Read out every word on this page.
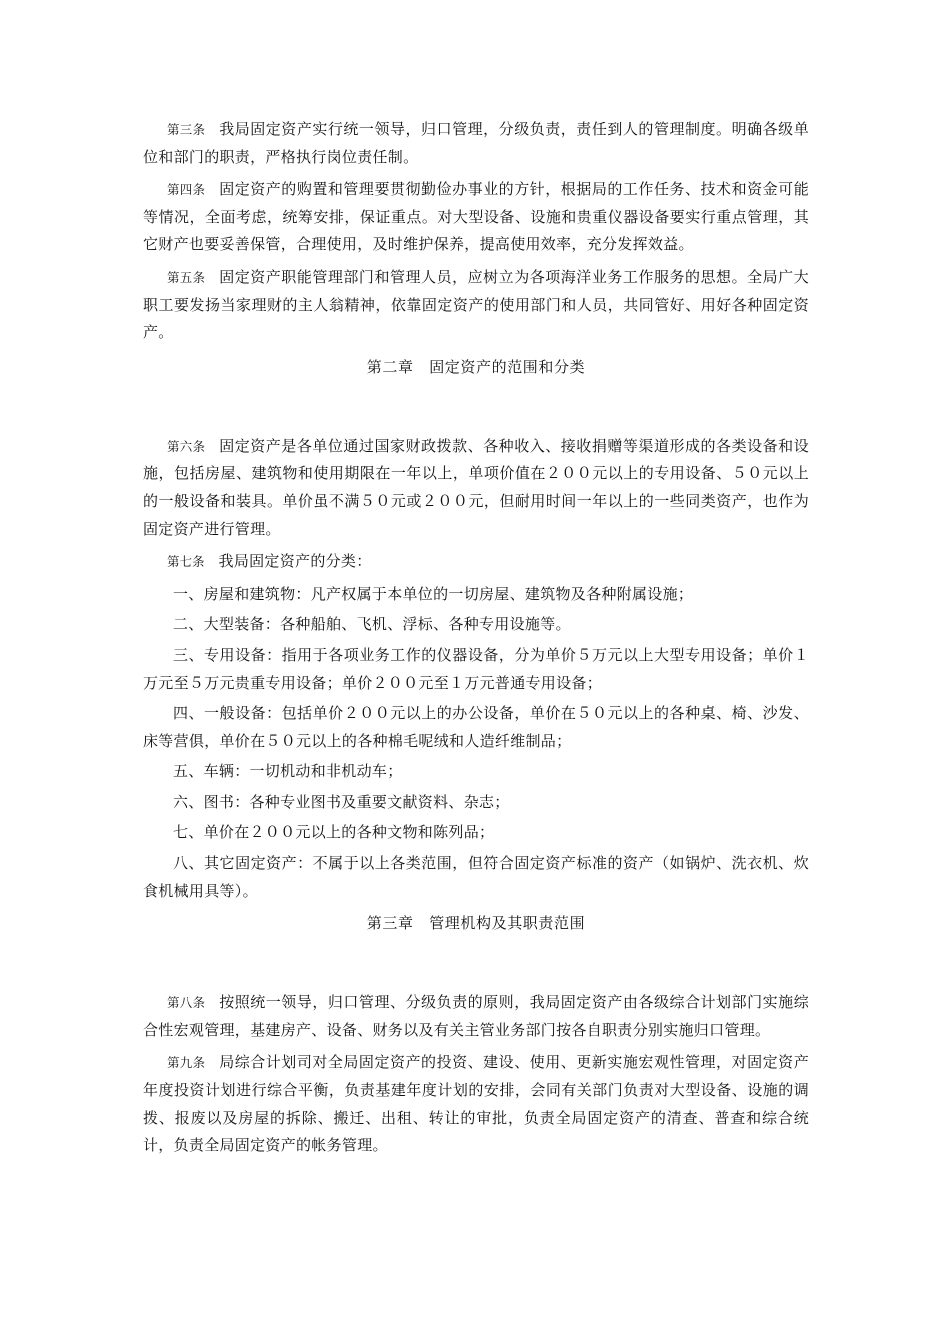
第三条 我局固定资产实行统一领导，归口管理，分级负责，责任到人的管理制度。明确各级单位和部门的职责，严格执行岗位责任制。

第四条 固定资产的购置和管理要贯彻勤俭办事业的方针，根据局的工作任务、技术和资金可能等情况，全面考虑，统筹安排，保证重点。对大型设备、设施和贵重仪器设备要实行重点管理，其它财产也要妥善保管，合理使用，及时维护保养，提高使用效率，充分发挥效益。

第五条 固定资产职能管理部门和管理人员，应树立为各项海洋业务工作服务的思想。全局广大职工要发扬当家理财的主人翁精神，依靠固定资产的使用部门和人员，共同管好、用好各种固定资产。

第二章　固定资产的范围和分类

第六条 固定资产是各单位通过国家财政拨款、各种收入、接收捐赠等渠道形成的各类设备和设施，包括房屋、建筑物和使用期限在一年以上，单项价值在２００元以上的专用设备、５０元以上的一般设备和装具。单价虽不满５０元或２００元，但耐用时间一年以上的一些同类资产，也作为固定资产进行管理。

第七条 我局固定资产的分类：

一、房屋和建筑物：凡产权属于本单位的一切房屋、建筑物及各种附属设施；

二、大型装备：各种船舶、飞机、浮标、各种专用设施等。

三、专用设备：指用于各项业务工作的仪器设备，分为单价５万元以上大型专用设备；单价１万元至５万元贵重专用设备；单价２００元至１万元普通专用设备；

四、一般设备：包括单价２００元以上的办公设备，单价在５０元以上的各种桌、椅、沙发、床等营俱，单价在５０元以上的各种棉毛呢绒和人造纤维制品；

五、车辆：一切机动和非机动车；

六、图书：各种专业图书及重要文献资料、杂志；

七、单价在２００元以上的各种文物和陈列品；

八、其它固定资产：不属于以上各类范围，但符合固定资产标准的资产（如锅炉、洗衣机、炊食机械用具等）。

第三章　管理机构及其职责范围

第八条 按照统一领导，归口管理、分级负责的原则，我局固定资产由各级综合计划部门实施综合性宏观管理，基建房产、设备、财务以及有关主管业务部门按各自职责分别实施归口管理。

第九条 局综合计划司对全局固定资产的投资、建设、使用、更新实施宏观性管理，对固定资产年度投资计划进行综合平衡，负责基建年度计划的安排，会同有关部门负责对大型设备、设施的调拨、报废以及房屋的拆除、搬迁、出租、转让的审批，负责全局固定资产的清查、普查和综合统计，负责全局固定资产的帐务管理。
